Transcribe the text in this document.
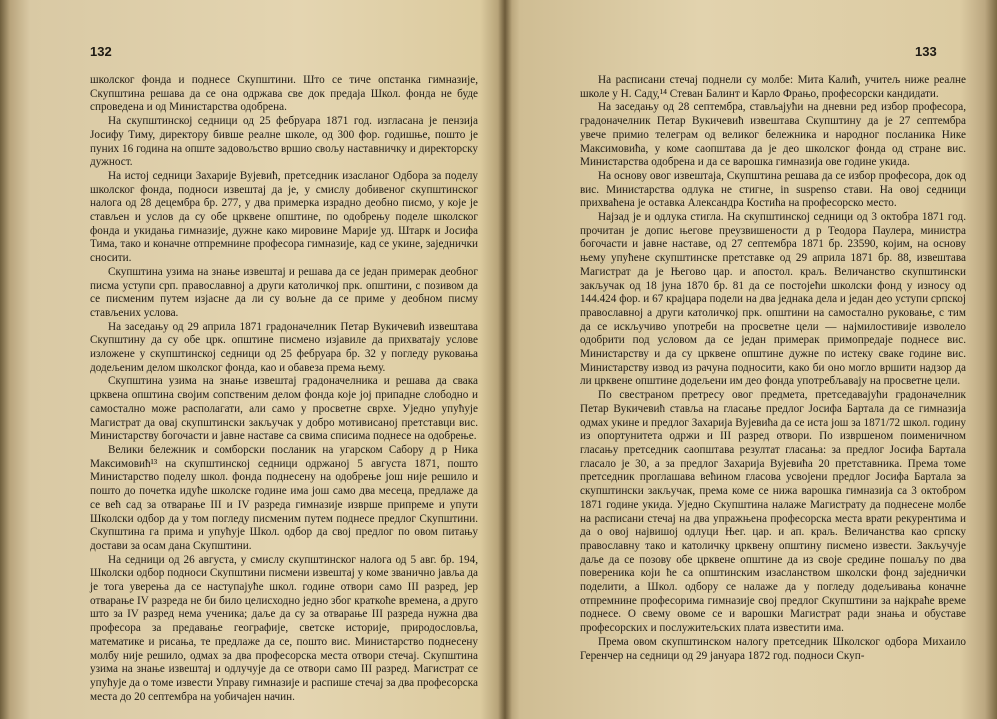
132

школског фонда и поднесе Скупштини. Што се тиче опстанка гимназије, Скупштина решава да се она одржава све док предаја Школ. фонда не буде спроведена и од Министарства одобрена.

На скупштинској седници од 25 фебруара 1871 год. изгласана је пензија Јосифу Тиму, директору бивше реалне школе, од 300 фор. годишње, пошто је пуних 16 година на опште задовољство вршио свољу наставничку и директорску дужност.

На истој седници Захарије Вујевић, претседник изасланог Одбора за поделу школског фонда, подноси извештај да је, у смислу добивеног скупштинског налога од 28 децембра бр. 277, у два примерка израдно деобно писмо, у које је стављен и услов да су обе црквене општине, по одобрењу поделе школског фонда и укидања гимназије, дужне како мировине Марије уд. Штарк и Јосифа Тима, тако и коначне отпремнине професора гимназије, кад се укине, заједнички сносити.

Скупштина узима на знање извештај и решава да се један примерак деобног писма уступи срп. православној а други католичкој прк. општини, с позивом да се писменим путем изјасне да ли су вољне да се приме у деобном писму стављених услова.

На заседању од 29 априла 1871 градоначелник Петар Вукичевић извештава Скупштину да су обе црк. општине писмено изјавиле да прихватају услове изложене у скупштинској седници од 25 фебруара бр. 32 у погледу руковања додељеним делом школског фонда, као и обавеза према њему.

Скупштина узима на знање извештај градоначелника и решава да свака црквена општина својим сопственим делом фонда које јој припадне слободно и самостално може располагати, али само у просветне сврхе. Уједно упућује Магистрат да овај скупштински закључак у добро мотивисаној претставци вис. Министарству богочасти и јавне наставе са свима списима поднесе на одобрење.

Велики бележник и сомборски посланик на угарском Сабору д р Ника Максимовић¹³ на скупштинској седници одржаној 5 августа 1871, пошто Министарство поделу школ. фонда поднесену на одобрење још није решило и пошто до почетка идуће школске године има још само два месеца, предлаже да се већ сад за отварање III и IV разреда гимназије изврше припреме и упути Школски одбор да у том погледу писменим путем поднесе предлог Скупштини. Скупштина га прима и упућује Школ. одбор да свој предлог по овом питању достави за осам дана Скупштини.

На седници од 26 августа, у смислу скупштинског налога од 5 авг. бр. 194, Школски одбор подноси Скупштини писмени извештај у коме званично јавља да је тога уверења да се наступајуће школ. године отвори само III разред, јер отварање IV разреда не би било целисходно једно због краткоће времена, а друго што за IV разред нема ученика; даље да су за отварање III разреда нужна два професора за предавање географије, светске историје, природословља, математике и рисања, те предлаже да се, пошто вис. Министарство поднесену молбу није решило, одмах за два професорска места отвори стечај. Скупштина узима на знање извештај и одлучује да се отвори само III разред. Магистрат се упућује да о томе извести Управу гимназије и распише стечај за два професорска места до 20 септембра на уобичајен начин.

133

На расписани стечај поднели су молбе: Мита Калић, учитељ ниже реалне школе у Н. Саду,¹⁴ Стеван Балинт и Карло Фрањо, професорски кандидати.

На заседању од 28 септембра, стављајући на дневни ред избор професора, градоначелник Петар Вукичевић извештава Скупштину да је 27 септембра увече примио телеграм од великог бележника и народног посланика Нике Максимовића, у коме саопштава да је део школског фонда од стране вис. Министарства одобрена и да се варошка гимназија ове године укида.

На основу овог извештаја, Скупштина решава да се избор професора, док од вис. Министарства одлука не стигне, in suspenso стави. На овој седници прихваћена је оставка Александра Костића на професорско место.

Најзад је и одлука стигла. На скупштинској седници од 3 октобра 1871 год. прочитан је допис његове преузвишености д р Теодора Паулера, министра богочасти и јавне наставе, од 27 септембра 1871 бр. 23590, којим, на основу њему упућене скупштинске претставке од 29 априла 1871 бр. 88, извештава Магистрат да је Његово цар. и апостол. краљ. Величанство скупштински закључак од 18 јуна 1870 бр. 81 да се постојећи школски фонд у износу од 144.424 фор. и 67 крајцара подели на два једнака дела и један део уступи српској православној а други католичкој прк. општини на самостално руковање, с тим да се искључиво употреби на просветне цели — најмилостивије изволело одобрити под условом да се један примерак примопредаје поднесе вис. Министарству и да су црквене општине дужне по истеку сваке године вис. Министарству извод из рачуна подносити, како би оно могло вршити надзор да ли црквене општине додељени им део фонда употребљавају на просветне цели.

По свестраном претресу овог предмета, претседавајући градоначелник Петар Вукичевић ставља на гласање предлог Јосифа Бартала да се гимназија одмах укине и предлог Захарија Вујевића да се иста још за 1871/72 школ. годину из опортунитета одржи и III разред отвори. По извршеном поименичном гласању претседник саопштава резултат гласања: за предлог Јосифа Бартала гласало је 30, а за предлог Захарија Вујевића 20 претставника. Према томе претседник проглашава већином гласова усвојени предлог Јосифа Бартала за скупштински закључак, према коме се нижа варошка гимназија са 3 октобром 1871 године укида. Уједно Скупштина налаже Магистрату да поднесене молбе на расписани стечај на два упражњена професорска места врати рекурентима и да о овој највишој одлуци Њег. цар. и ап. краљ. Величанства као српску православну тако и католичку црквену општину писмено извести. Закључује даље да се позову обе црквене општине да из своје средине пошаљу по два повереника који ће са општинским изасланством школски фонд заједнички поделити, а Школ. одбору се налаже да у погледу додељивања коначне отпремнине професорима гимназије свој предлог Скупштини за најкраће време поднесе. О свему овоме се и варошки Магистрат ради знања и обуставе професорских и послужитељских плата известити има.

Према овом скупштинском налогу претседник Школског одбора Михаило Геренчер на седници од 29 јануара 1872 год. подноси Скуп-
